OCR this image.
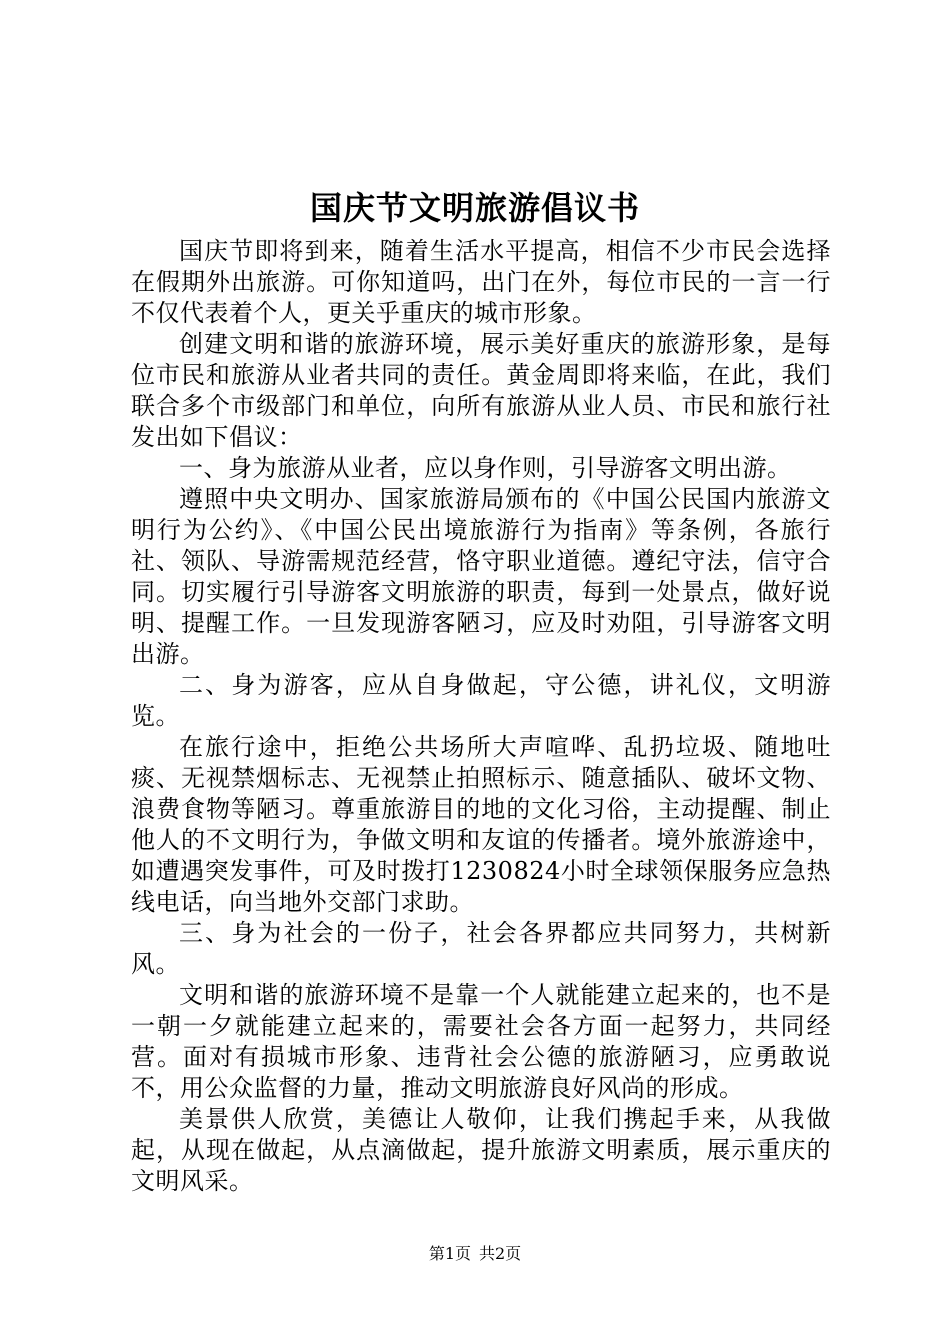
国庆节文明旅游倡议书

国庆节即将到来，随着生活水平提高，相信不少市民会选择在假期外出旅游。可你知道吗，出门在外，每位市民的一言一行不仅代表着个人，更关乎重庆的城市形象。

创建文明和谐的旅游环境，展示美好重庆的旅游形象，是每位市民和旅游从业者共同的责任。黄金周即将来临，在此，我们联合多个市级部门和单位，向所有旅游从业人员、市民和旅行社发出如下倡议：

一、身为旅游从业者，应以身作则，引导游客文明出游。

遵照中央文明办、国家旅游局颁布的《中国公民国内旅游文明行为公约》、《中国公民出境旅游行为指南》等条例，各旅行社、领队、导游需规范经营，恪守职业道德。遵纪守法，信守合同。切实履行引导游客文明旅游的职责，每到一处景点，做好说明、提醒工作。一旦发现游客陋习，应及时劝阻，引导游客文明出游。

二、身为游客，应从自身做起，守公德，讲礼仪，文明游览。

在旅行途中，拒绝公共场所大声喧哗、乱扔垃圾、随地吐痰、无视禁烟标志、无视禁止拍照标示、随意插队、破坏文物、浪费食物等陋习。尊重旅游目的地的文化习俗，主动提醒、制止他人的不文明行为，争做文明和友谊的传播者。境外旅游途中，如遭遇突发事件，可及时拨打1230824小时全球领保服务应急热线电话，向当地外交部门求助。

三、身为社会的一份子，社会各界都应共同努力，共树新风。

文明和谐的旅游环境不是靠一个人就能建立起来的，也不是一朝一夕就能建立起来的，需要社会各方面一起努力，共同经营。面对有损城市形象、违背社会公德的旅游陋习，应勇敢说不，用公众监督的力量，推动文明旅游良好风尚的形成。

美景供人欣赏，美德让人敬仰，让我们携起手来，从我做起，从现在做起，从点滴做起，提升旅游文明素质，展示重庆的文明风采。

第1页 共2页
